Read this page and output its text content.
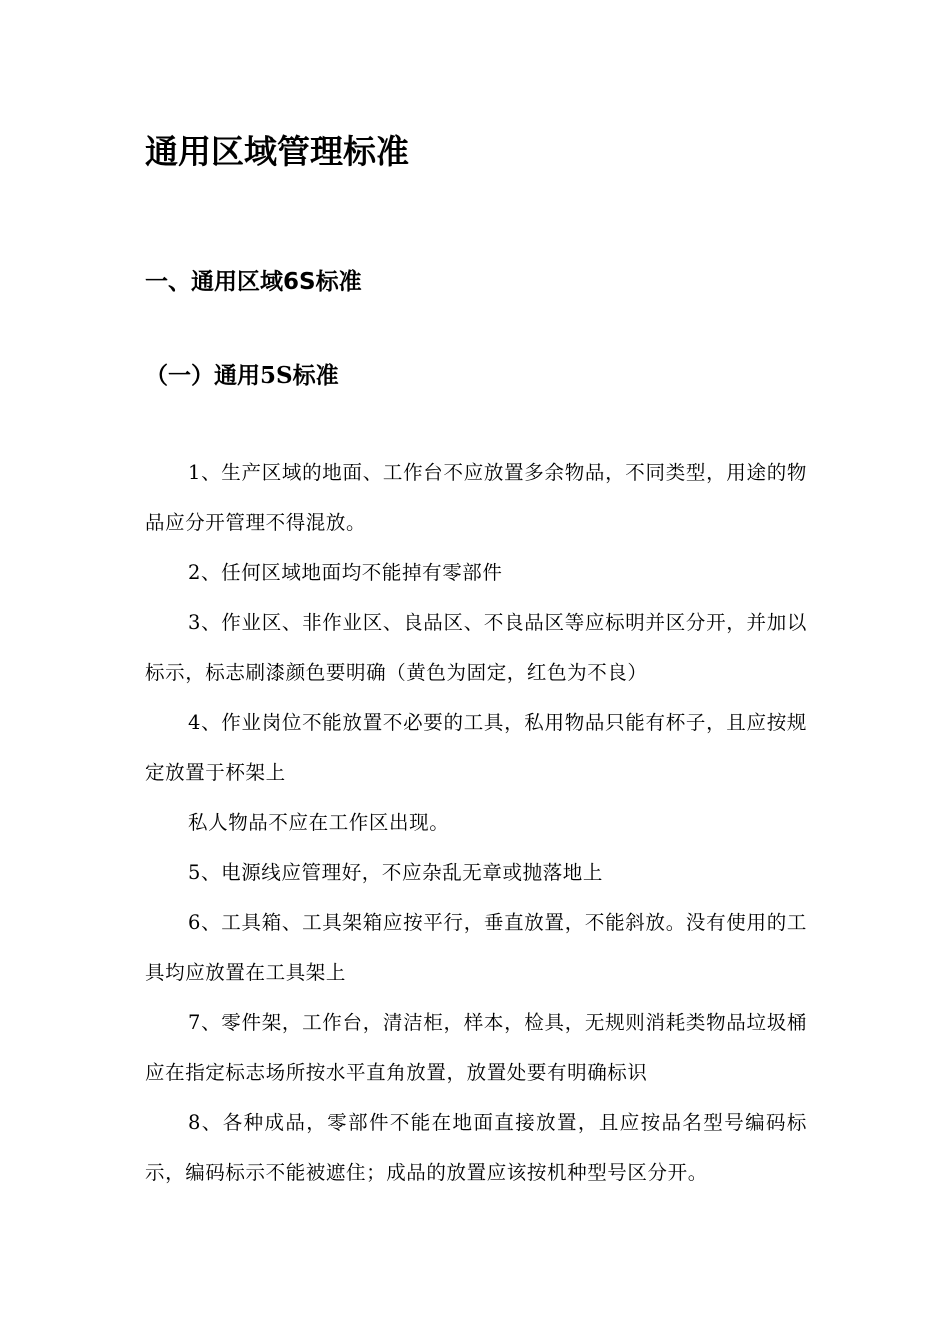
通用区域管理标准
一、通用区域6S标准
（一）通用5S标准

1、生产区域的地面、工作台不应放置多余物品，不同类型，用途的物品应分开管理不得混放。

2、任何区域地面均不能掉有零部件

3、作业区、非作业区、良品区、不良品区等应标明并区分开，并加以标示，标志刷漆颜色要明确（黄色为固定，红色为不良）

4、作业岗位不能放置不必要的工具，私用物品只能有杯子，且应按规定放置于杯架上

私人物品不应在工作区出现。

5、电源线应管理好，不应杂乱无章或抛落地上

6、工具箱、工具架箱应按平行，垂直放置，不能斜放。没有使用的工具均应放置在工具架上

7、零件架，工作台，清洁柜，样本，检具，无规则消耗类物品垃圾桶应在指定标志场所按水平直角放置，放置处要有明确标识

8、各种成品，零部件不能在地面直接放置，且应按品名型号编码标示，编码标示不能被遮住；成品的放置应该按机种型号区分开。
